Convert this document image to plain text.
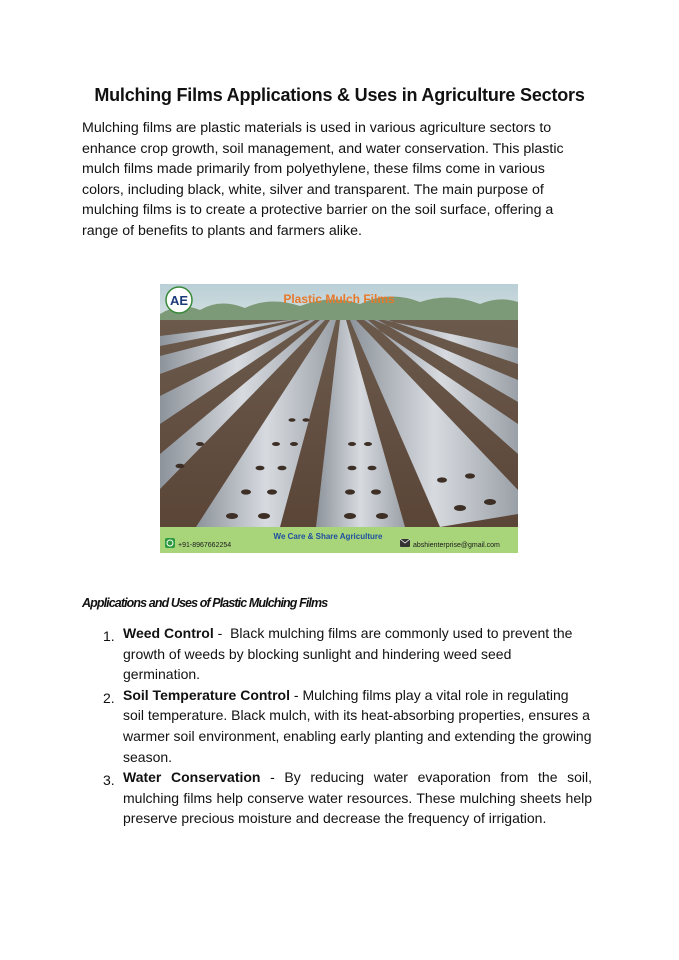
Mulching Films Applications & Uses in Agriculture Sectors
Mulching films are plastic materials is used in various agriculture sectors to enhance crop growth, soil management, and water conservation. This plastic mulch films made primarily from polyethylene, these films come in various colors, including black, white, silver and transparent. The main purpose of mulching films is to create a protective barrier on the soil surface, offering a range of benefits to plants and farmers alike.
AE	Plastic Mulch Films
+91-8967662254
We Care & Share Agriculture
abshienterprise@gmail.com
Applications and Uses of Plastic Mulching Films
1. Weed Control -  Black mulching films are commonly used to prevent the growth of weeds by blocking sunlight and hindering weed seed germination.
2. Soil Temperature Control - Mulching films play a vital role in regulating soil temperature. Black mulch, with its heat-absorbing properties, ensures a warmer soil environment, enabling early planting and extending the growing season.
3. Water Conservation - By reducing water evaporation from the soil, mulching films help conserve water resources. These mulching sheets help preserve precious moisture and decrease the frequency of irrigation.
